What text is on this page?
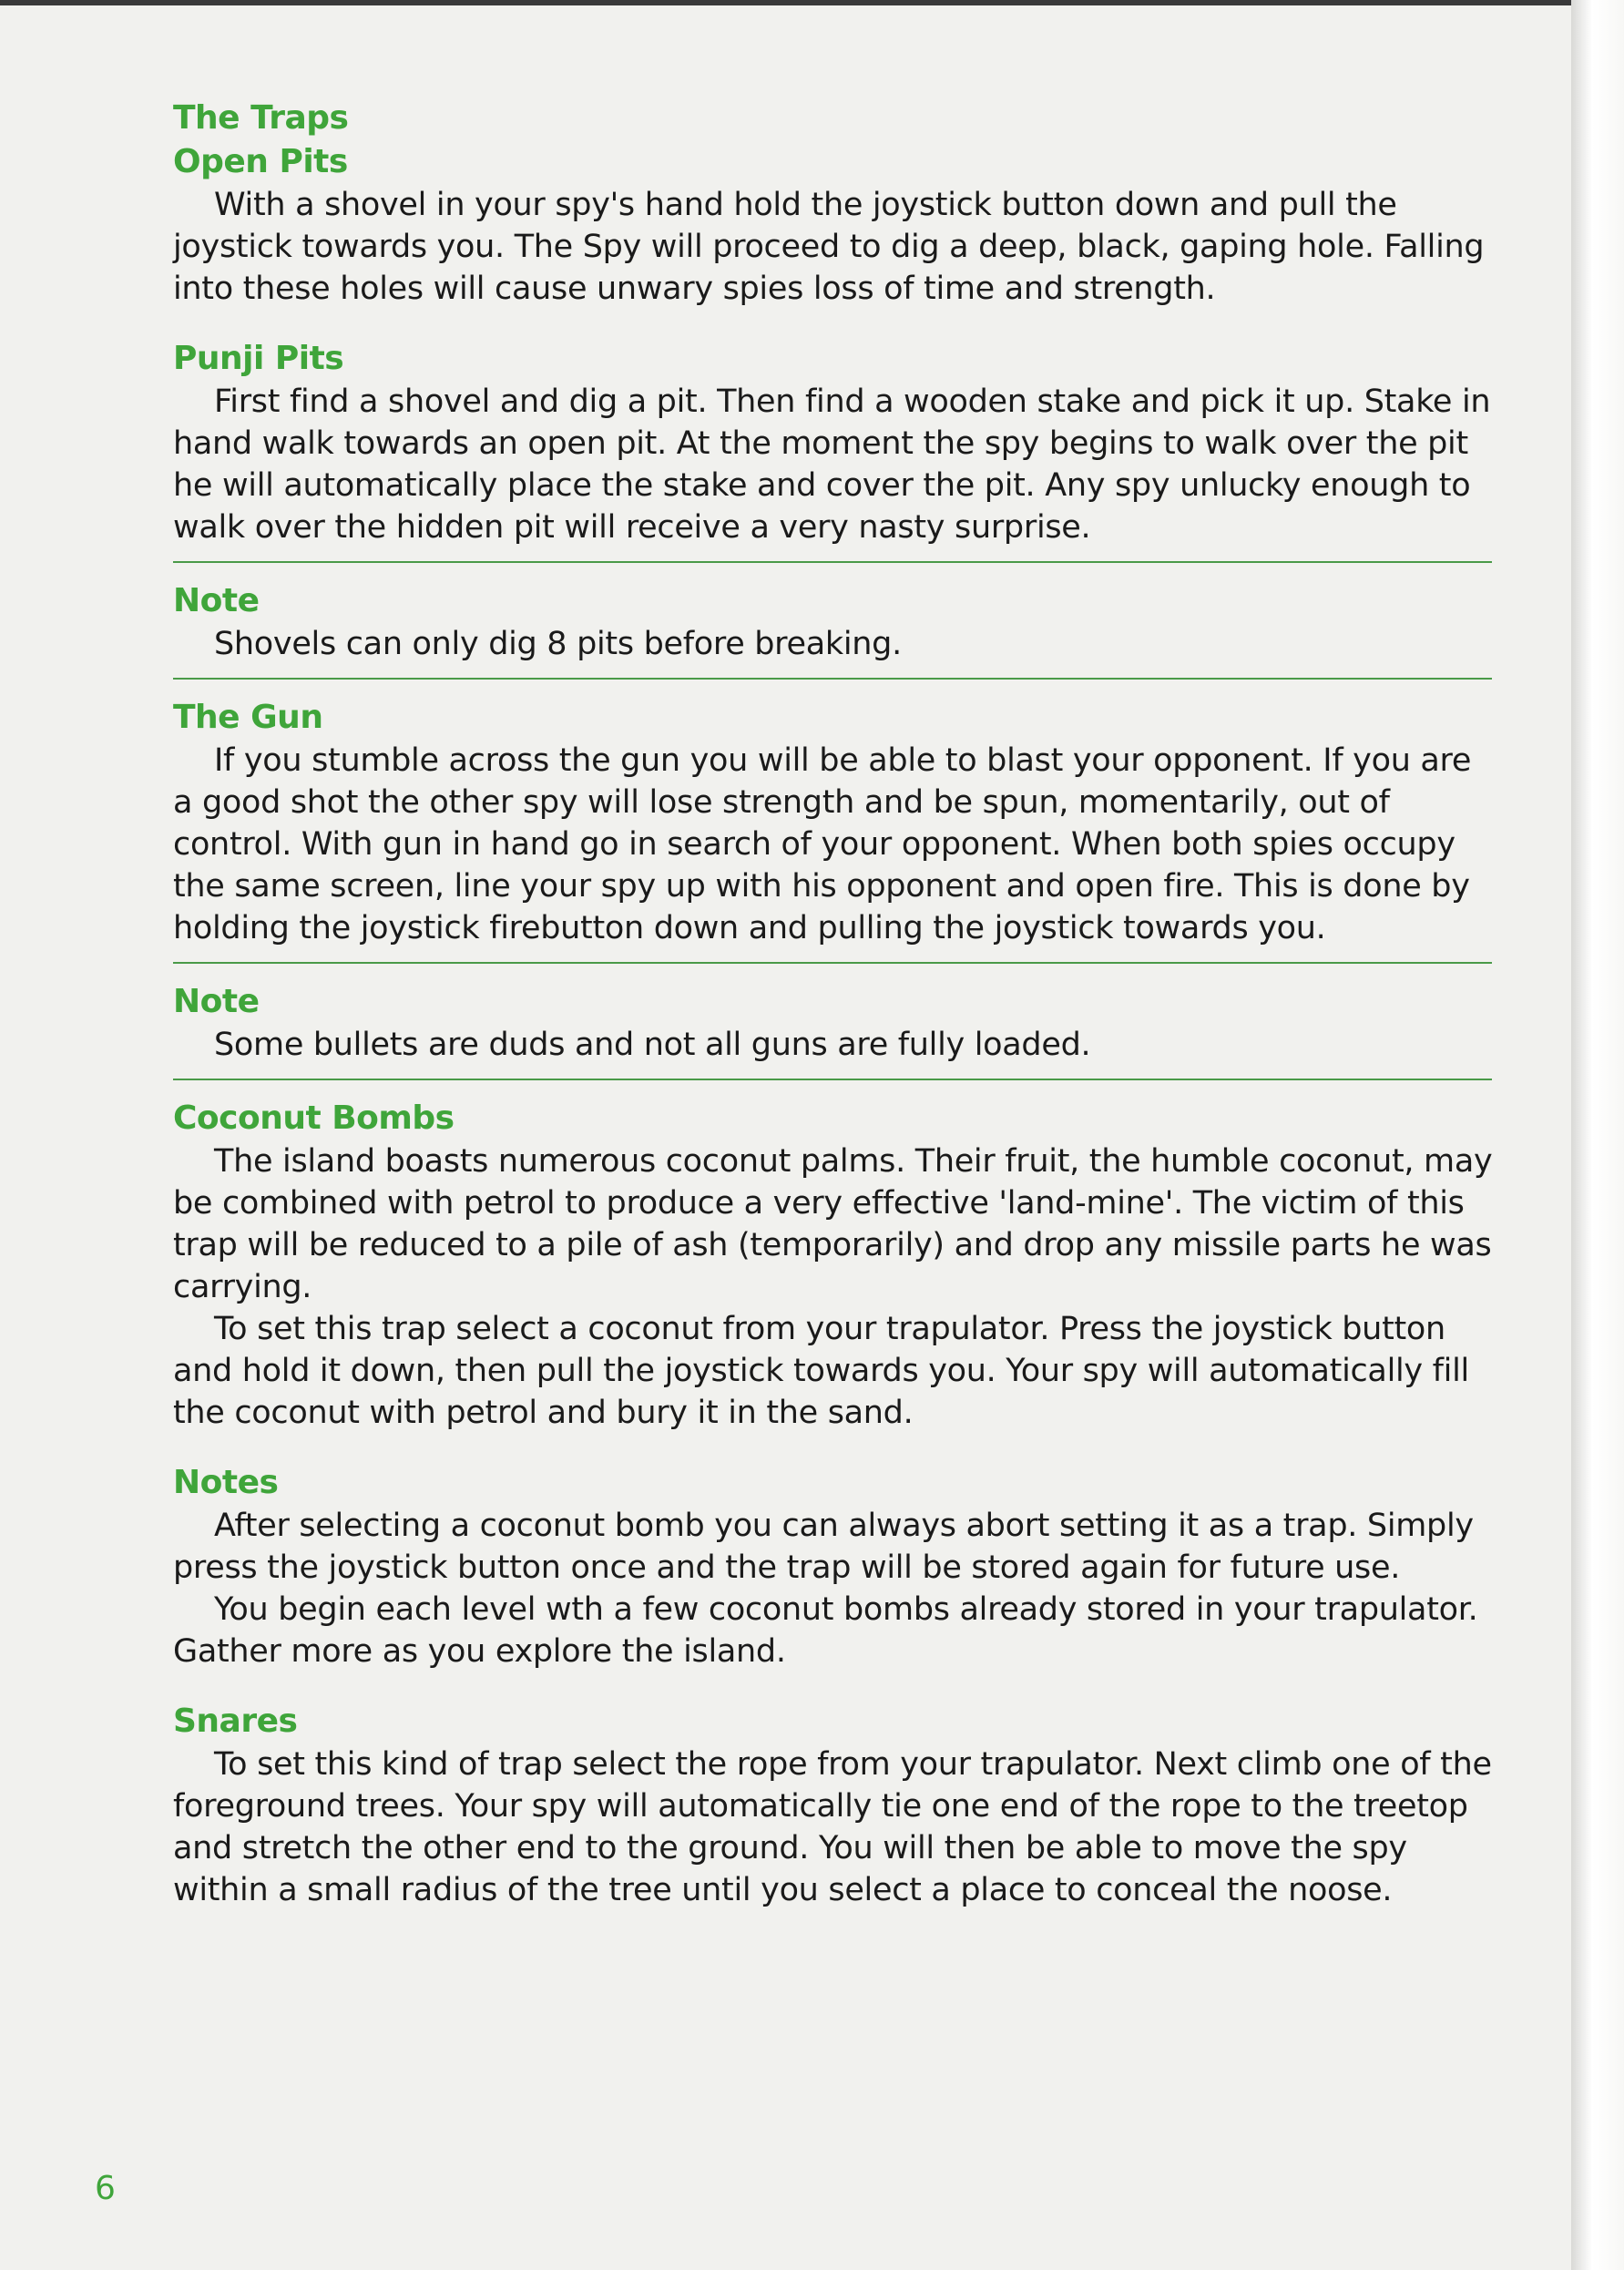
The Traps
Open Pits

With a shovel in your spy's hand hold the joystick button down and pull the joystick towards you. The Spy will proceed to dig a deep, black, gaping hole. Falling into these holes will cause unwary spies loss of time and strength.

Punji Pits

First find a shovel and dig a pit. Then find a wooden stake and pick it up. Stake in hand walk towards an open pit. At the moment the spy begins to walk over the pit he will automatically place the stake and cover the pit. Any spy unlucky enough to walk over the hidden pit will receive a very nasty surprise.

Note

Shovels can only dig 8 pits before breaking.

The Gun

If you stumble across the gun you will be able to blast your opponent. If you are a good shot the other spy will lose strength and be spun, momentarily, out of control. With gun in hand go in search of your opponent. When both spies occupy the same screen, line your spy up with his opponent and open fire. This is done by holding the joystick firebutton down and pulling the joystick towards you.

Note

Some bullets are duds and not all guns are fully loaded.

Coconut Bombs

The island boasts numerous coconut palms. Their fruit, the humble coconut, may be combined with petrol to produce a very effective 'land-mine'. The victim of this trap will be reduced to a pile of ash (temporarily) and drop any missile parts he was carrying.

To set this trap select a coconut from your trapulator. Press the joystick button and hold it down, then pull the joystick towards you. Your spy will automatically fill the coconut with petrol and bury it in the sand.

Notes

After selecting a coconut bomb you can always abort setting it as a trap. Simply press the joystick button once and the trap will be stored again for future use.

You begin each level wth a few coconut bombs already stored in your trapulator. Gather more as you explore the island.

Snares

To set this kind of trap select the rope from your trapulator. Next climb one of the foreground trees. Your spy will automatically tie one end of the rope to the treetop and stretch the other end to the ground. You will then be able to move the spy within a small radius of the tree until you select a place to conceal the noose.

6
